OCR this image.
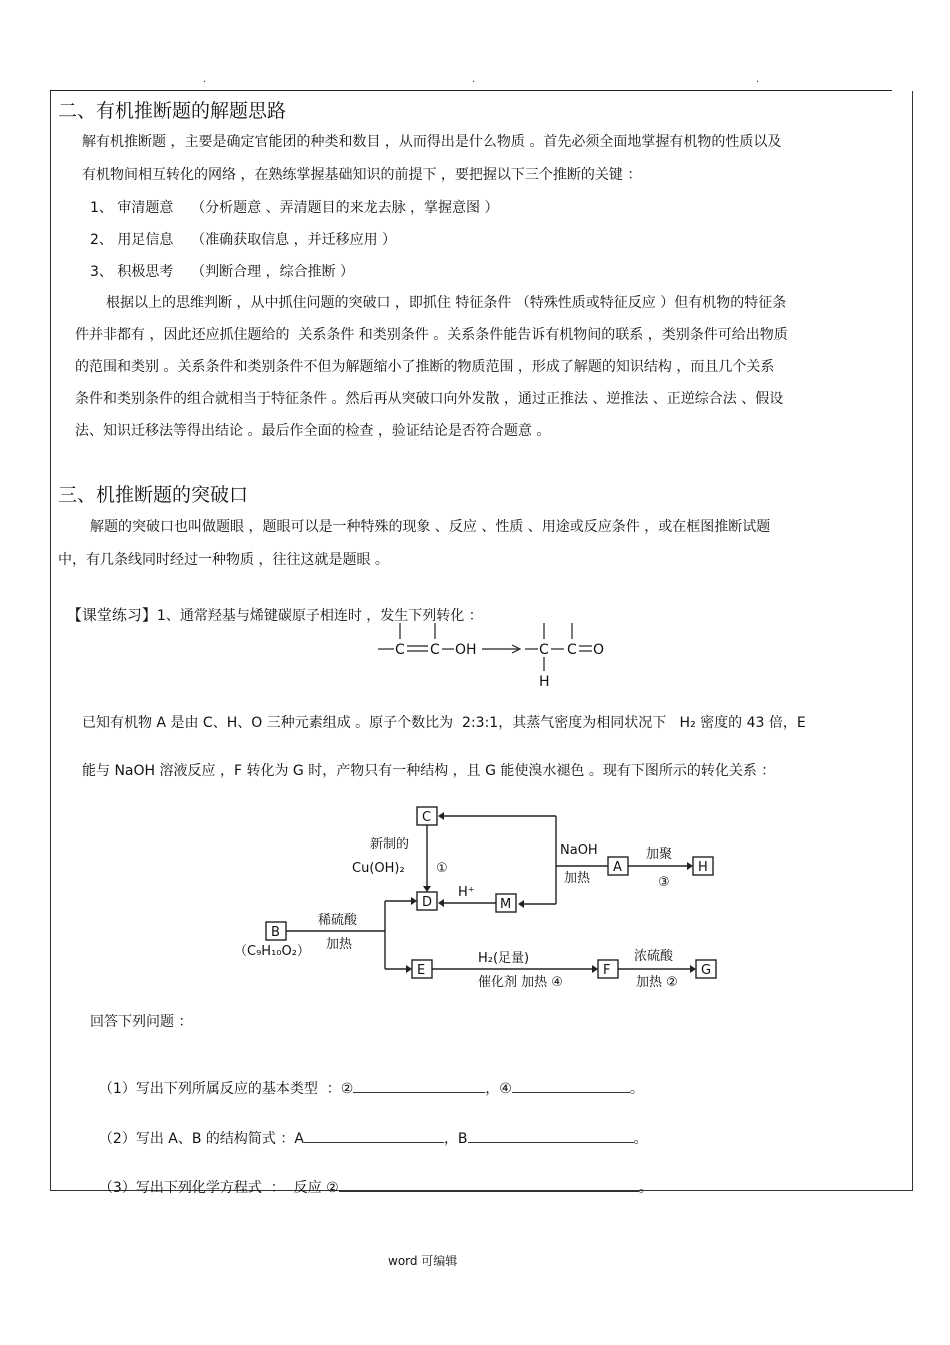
.	.	.
二、有机推断题的解题思路
解有机推断题 ，主要是确定官能团的种类和数目 ，从而得出是什么物质 。首先必须全面地掌握有机物的性质以及
有机物间相互转化的网络 ，在熟练掌握基础知识的前提下 ，要把握以下三个推断的关键 ：
1、 审清题意    （分析题意 、弄清题目的来龙去脉 ，掌握意图 ）
2、 用足信息    （准确获取信息 ，并迁移应用 ）
3、 积极思考    （判断合理 ，综合推断 ）
根据以上的思维判断 ，从中抓住问题的突破口 ，即抓住 特征条件 （特殊性质或特征反应 ）但有机物的特征条
件并非都有 ，因此还应抓住题给的  关系条件 和类别条件 。关系条件能告诉有机物间的联系 ，类别条件可给出物质
的范围和类别 。关系条件和类别条件不但为解题缩小了推断的物质范围 ，形成了解题的知识结构 ，而且几个关系
条件和类别条件的组合就相当于特征条件 。然后再从突破口向外发散 ，通过正推法 、逆推法 、正逆综合法 、假设
法、知识迁移法等得出结论 。最后作全面的检查 ，验证结论是否符合题意 。
三、机推断题的突破口
解题的突破口也叫做题眼 ，题眼可以是一种特殊的现象 、反应 、性质 、用途或反应条件 ，或在框图推断试题
中，有几条线同时经过一种物质 ，往往这就是题眼 。

【课堂练习】1、通常羟基与烯键碳原子相连时 ，发生下列转化 ：

C C OH	C C O
H
已知有机物 A 是由 C、H、O 三种元素组成 。原子个数比为  2:3:1，其蒸气密度为相同状况下   H₂ 密度的 43 倍，E
能与 NaOH 溶液反应 ，F 转化为 G 时，产物只有一种结构 ，且 G 能使溴水褪色 。现有下图所示的转化关系 ：
C
D	M
A	H
B
E	F	G
新制的
Cu(OH)₂ ①
NaOH
加热
加聚
③
H⁺
稀硫酸
加热
（C₉H₁₀O₂）	H₂(足量)
催化剂 加热 ④
浓硫酸
加热 ②
回答下列问题 ：

（1）写出下列所属反应的基本类型  ：②	，④	。

（2）写出 A、B 的结构简式 ：A	，B	。

（3）写出下列化学方程式  ：  反应 ②	。

word 可编辑
